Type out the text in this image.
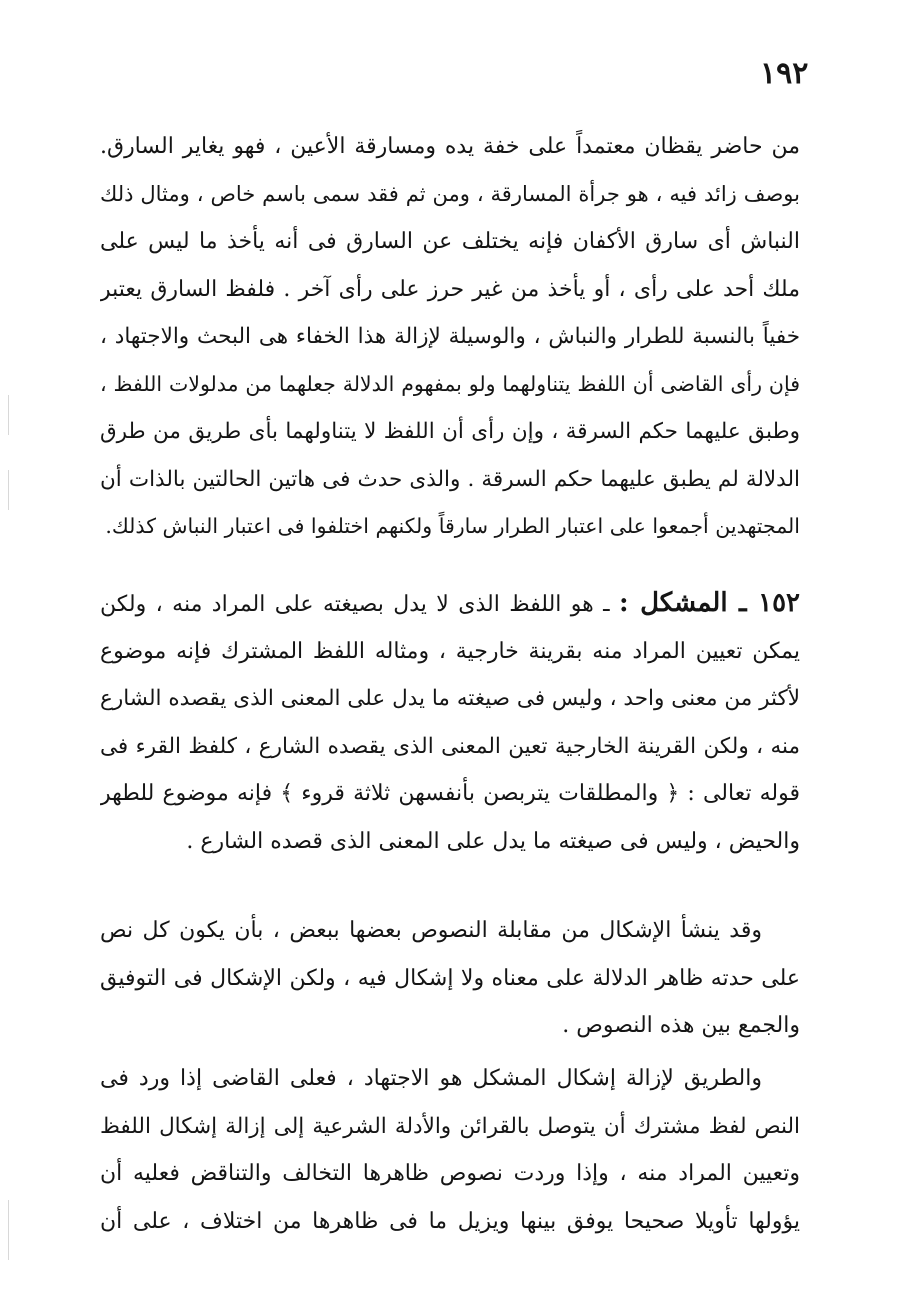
١٩٢
من حاضر يقظان معتمداً على خفة يده ومسارقة الأعين ، فهو يغاير السارق.
بوصف زائد فيه ، هو جرأة المسارقة ، ومن ثم فقد سمى باسم خاص ، ومثال ذلك
النباش أى سارق الأكفان فإنه يختلف عن السارق فى أنه يأخذ ما ليس على
ملك أحد على رأى ، أو يأخذ من غير حرز على رأى آخر . فلفظ السارق يعتبر
خفياً بالنسبة للطرار والنباش ، والوسيلة لإزالة هذا الخفاء هى البحث والاجتهاد ،
فإن رأى القاضى أن اللفظ يتناولهما ولو بمفهوم الدلالة جعلهما من مدلولات اللفظ ،
وطبق عليهما حكم السرقة ، وإن رأى أن اللفظ لا يتناولهما بأى طريق من طرق
الدلالة لم يطبق عليهما حكم السرقة . والذى حدث فى هاتين الحالتين بالذات أن
المجتهدين أجمعوا على اعتبار الطرار سارقاً ولكنهم اختلفوا فى اعتبار النباش كذلك.
١٥٢ ـ المشكل : ـ هو اللفظ الذى لا يدل بصيغته على المراد منه ، ولكن
يمكن تعيين المراد منه بقرينة خارجية ، ومثاله اللفظ المشترك فإنه موضوع
لأكثر من معنى واحد ، وليس فى صيغته ما يدل على المعنى الذى يقصده الشارع
منه ، ولكن القرينة الخارجية تعين المعنى الذى يقصده الشارع ، كلفظ القرء فى
قوله تعالى : ﴿ والمطلقات يتربصن بأنفسهن ثلاثة قروء ﴾ فإنه موضوع للطهر
والحيض ، وليس فى صيغته ما يدل على المعنى الذى قصده الشارع .
وقد ينشأ الإشكال من مقابلة النصوص بعضها ببعض ، بأن يكون كل نص
على حدته ظاهر الدلالة على معناه ولا إشكال فيه ، ولكن الإشكال فى التوفيق
والجمع بين هذه النصوص .
والطريق لإزالة إشكال المشكل هو الاجتهاد ، فعلى القاضى إذا ورد فى
النص لفظ مشترك أن يتوصل بالقرائن والأدلة الشرعية إلى إزالة إشكال اللفظ
وتعيين المراد منه ، وإذا وردت نصوص ظاهرها التخالف والتناقض فعليه أن
يؤولها تأويلا صحيحا يوفق بينها ويزيل ما فى ظاهرها من اختلاف ، على أن
